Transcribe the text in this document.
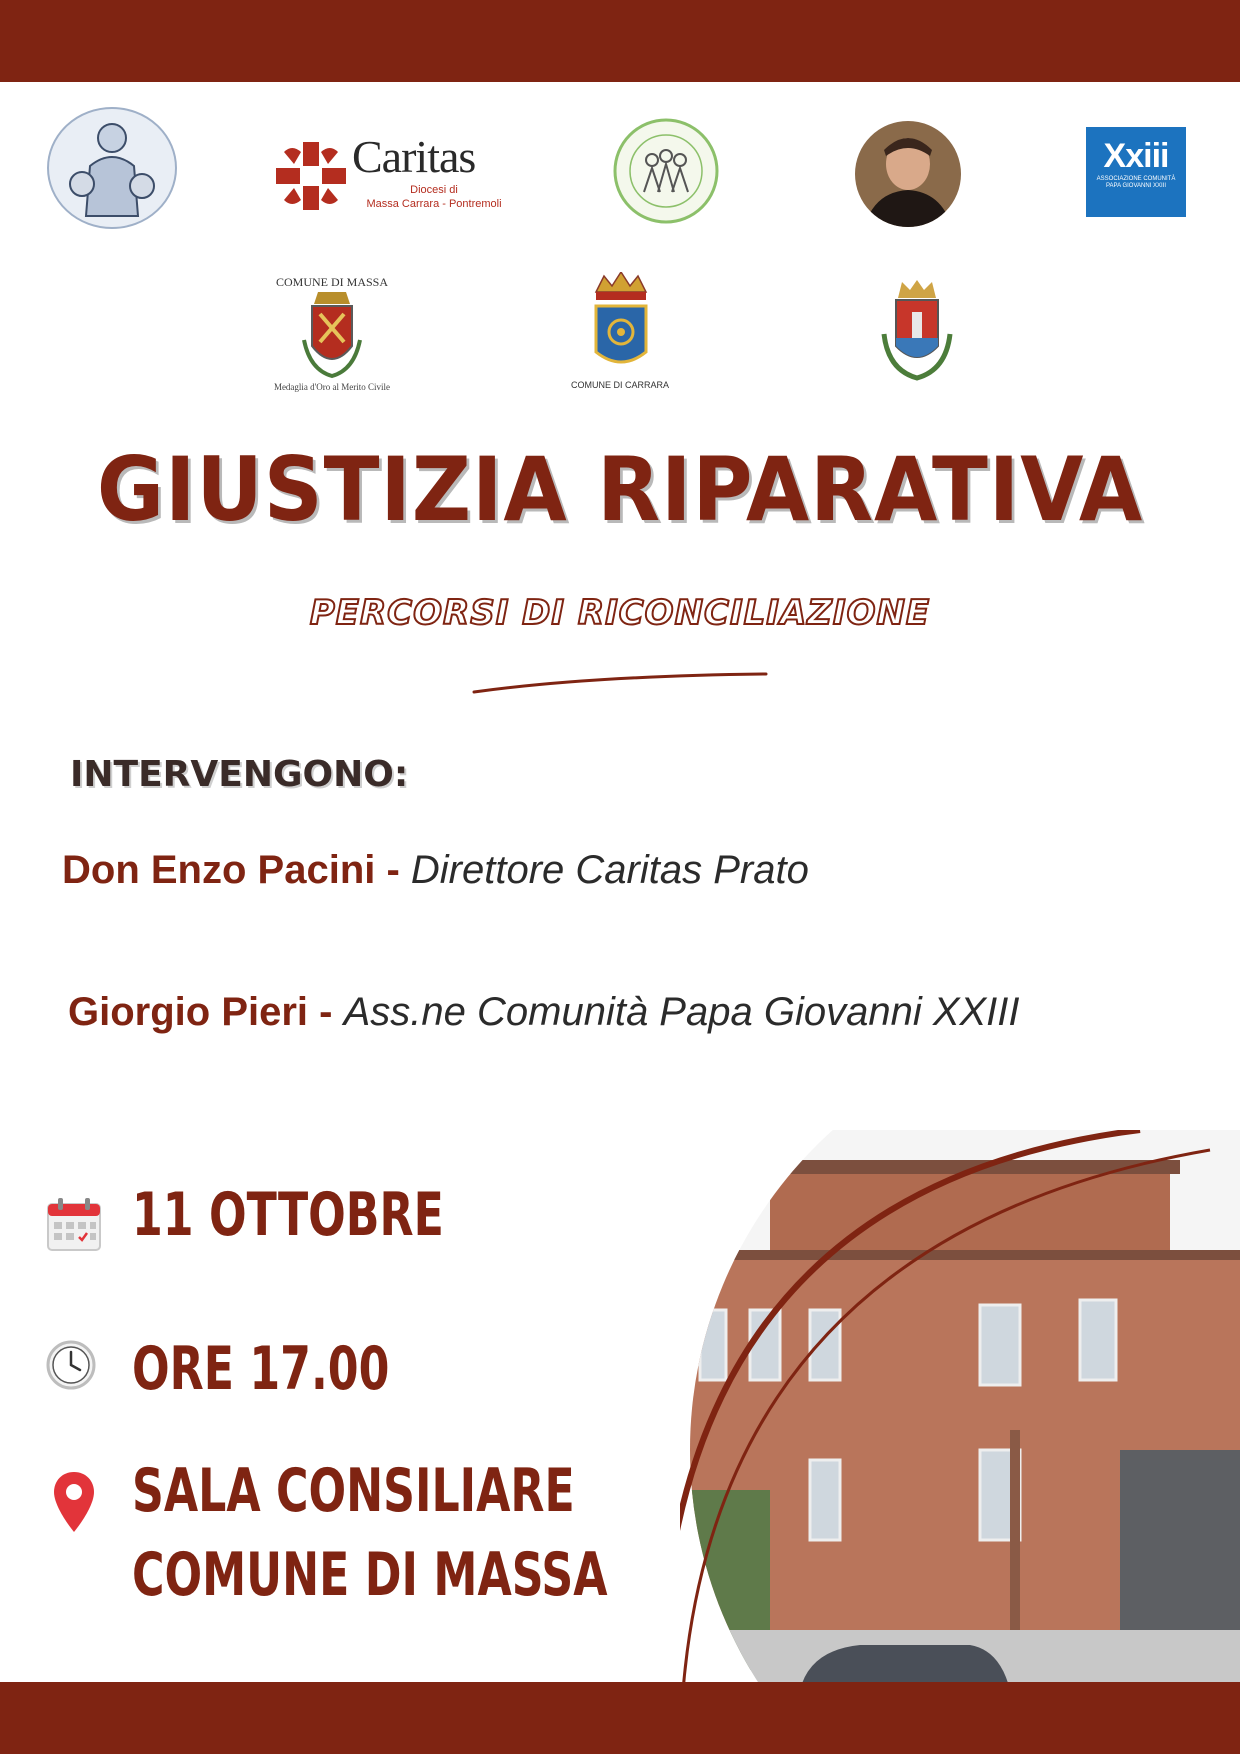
Caritas
Diocesi di
Massa Carrara - Pontremoli
Xxiii
ASSOCIAZIONE COMUNITÀ PAPA GIOVANNI XXIII
COMUNE DI MASSA
Medaglia d'Oro al Merito Civile	COMUNE DI CARRARA
GIUSTIZIA RIPARATIVA
PERCORSI DI RICONCILIAZIONE
INTERVENGONO:
Don Enzo Pacini - Direttore Caritas Prato
Giorgio Pieri - Ass.ne Comunità Papa Giovanni XXIII
11 OTTOBRE
ORE 17.00
SALA CONSILIARE
COMUNE DI MASSA
